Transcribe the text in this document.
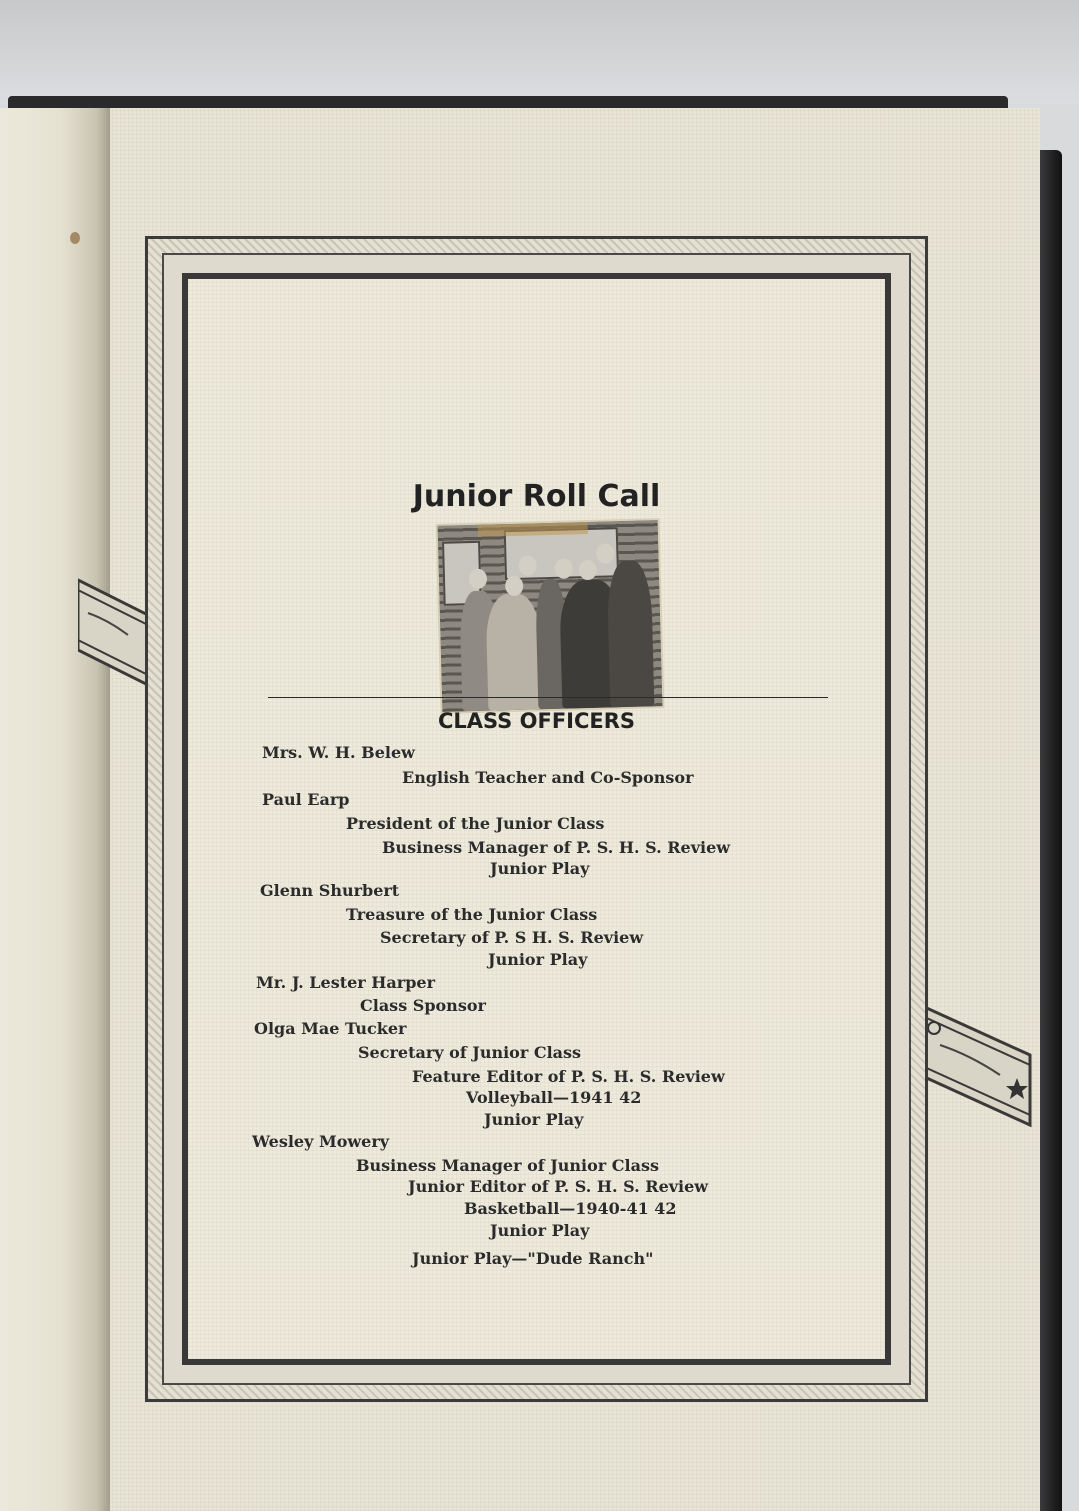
Junior Roll Call
CLASS OFFICERS
Mrs. W. H. Belew
English Teacher and Co-Sponsor
Paul Earp
President of the Junior Class
Business Manager of P. S. H. S. Review
Junior Play
Glenn Shurbert
Treasure of the Junior Class
Secretary of P. S H. S. Review
Junior Play
Mr. J. Lester Harper
Class Sponsor
Olga Mae Tucker
Secretary of Junior Class
Feature Editor of P. S. H. S. Review
Volleyball—1941 42
Junior Play
Wesley Mowery
Business Manager of Junior Class
Junior Editor of P. S. H. S. Review
Basketball—1940-41 42
Junior Play
Junior Play—"Dude Ranch"
